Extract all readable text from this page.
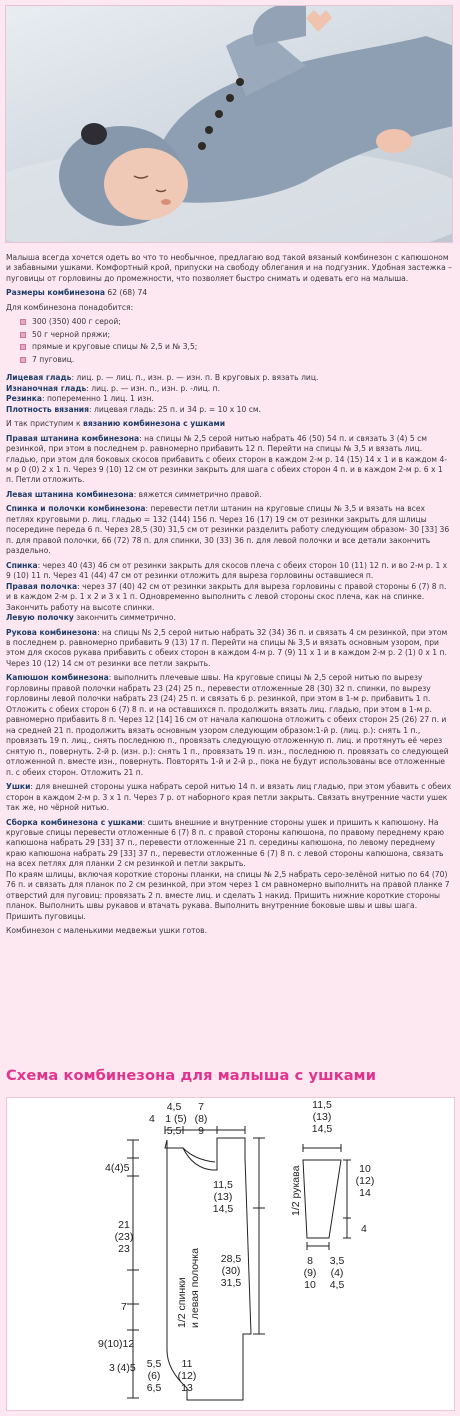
Малыша всегда хочется одеть во что то необычное, предлагаю вод такой вязаный комбинезон с капюшоном и забавными ушками. Комфортный крой, припуски на свободу облегания и на подгузник. Удобная застежка – пуговицы от горловины до промежности, что позволяет быстро снимать и одевать его на малыша.

Размеры комбинезона 62 (68) 74

Для комбинезона понадобится:

300 (350) 400 г серой;
50 г черной пряжи;
прямые и круговые спицы № 2,5 и № 3,5;
7 пуговиц.

Лицевая гладь: лиц. р. — лиц. п., изн. р. — изн. п. В круговых р. вязать лиц.

Изнаночная гладь: лиц. р. — изн. п., изн. р. -лиц. п.

Резинка: попеременно 1 лиц. 1 изн.

Плотность вязания: лицевая гладь: 25 п. и 34 р. = 10 х 10 см.

И так приступим к вязанию комбинезона с ушками

Правая штанина комбинезона: на спицы № 2,5 серой нитью набрать 46 (50) 54 п. и связать 3 (4) 5 см резинкой, при этом в последнем р. равномерно прибавить 12 п. Перейти на спицы № 3,5 и вязать лиц. гладью, при этом для боковых скосов прибавить с обеих сторон в каждом 2-м р. 14 (15) 14 х 1 и в каждом 4-м р 0 (0) 2 х 1 п. Через 9 (10) 12 см от резинки закрыть для шага с обеих сторон 4 п. и в каждом 2-м р. 6 х 1 п. Петли отложить.

Левая штанина комбинезона: вяжется симметрично правой.

Спинка и полочки комбинезона: перевести петли штанин на круговые спицы № 3,5 и вязать на всех петлях круговыми р. лиц. гладью = 132 (144) 156 п. Через 16 (17) 19 см от резинки закрыть для шлицы посередине переда 6 п. Через 28,5 (30) 31,5 см от резинки разделить работу следующим образом- 30 [33] 36 п. для правой полочки, 66 (72) 78 п. для спинки, 30 (33) 36 п. для левой полочки и все детали закончить раздельно.

Спинка: через 40 (43) 46 см от резинки закрыть для скосов плеча с обеих сторон 10 (11) 12 п. и во 2-м р. 1 х 9 (10) 11 п. Через 41 (44) 47 см от резинки отложить для выреза горловины оставшиеся п.

Правая полочка: через 37 (40) 42 см от резинки закрыть для выреза горловины с правой стороны 6 (7) 8 п. и в каждом 2-м р. 1 х 2 и 3 х 1 п. Одновременно выполнить с левой стороны скос плеча, как на спинке. Закончить работу на высоте спинки.

Левую полочку закончить симметрично.

Рукова комбинезона: на спицы Nѕ 2,5 серой нитью набрать 32 (34) 36 п. и связать 4 см резинкой, при этом в последнем р. равномерно прибавить 9 (13) 17 п. Перейти на спицы № 3,5 и вязать основным узором, при этом для скосов рукава прибавить с обеих сторон в каждом 4-м р. 7 (9) 11 х 1 и в каждом 2-м р. 2 (1) 0 х 1 п. Через 10 (12) 14 см от резинки все петли закрыть.

Капюшон комбинезона: выполнить плечевые швы. На круговые спицы № 2,5 серой нитью по вырезу горловины правой полочки набрать 23 (24) 25 п., перевести отложенные 28 (30) 32 п. спинки, по вырезу горловины левой полочки набрать 23 (24) 25 п. и связать 6 р. резинкой, при этом в 1-м р. прибавить 1 п.
Отложить с обеих сторон 6 (7) 8 п. и на оставшихся п. продолжить вязать лиц. гладью, при этом в 1-м р. равномерно прибавить 8 п. Через 12 [14] 16 см от начала капюшона отложить с обеих сторон 25 (26) 27 п. и на средней 21 п. продолжить вязать основным узором следующим образом:1-й р. (лиц. р.): снять 1 п., провязать 19 п. лиц., снять последнюю п., провязать следующую отложенную п. лиц. и протянуть её через снятую п., повернуть. 2-й р. (изн. р.): снять 1 п., провязать 19 п. изн., последнюю п. провязать со следующей отложенной п. вместе изн., повернуть. Повторять 1-й и 2-й р., пока не будут использованы все отложенные п. с обеих сторон. Отложить 21 п.

Ушки: для внешней стороны ушка набрать серой нитью 14 п. и вязать лиц гладью, при этом убавить с обеих сторон в каждом 2-м р. 3 х 1 п. Через 7 р. от наборного края петли закрыть. Связать внутренние части ушек так же, но чёрной нитью.

Сборка комбинезона с ушками: сшить внешние и внутренние стороны ушек и пришить к капюшону. На круговые спицы перевести отложенные 6 (7) 8 п. с правой стороны капюшона, по правому переднему краю капюшона набрать 29 [33] 37 п., перевести отложенные 21 п. середины капюшона, по левому переднему краю капюшона набрать 29 [33] 37 п., перевести отложенные 6 (7) 8 п. с левой стороны капюшона, связать на всех петлях для планки 2 см резинкой и петли закрыть.
По краям шлицы, включая короткие стороны планки, на спицы № 2,5 набрать серо-зелёной нитью по 64 (70) 76 п. и связать для планок по 2 см резинкой, при этом через 1 см равномерно выполнить на правой планке 7 отверстий для пуговиц: провязать 2 п. вместе лиц. и сделать 1 накид. Пришить нижние короткие стороны планок. Выполнить швы рукавов и втачать рукава. Выполнить внутренние боковые швы и швы шага. Пришить пуговицы.

Комбинезон с маленькими медвежьи ушки готов.

Схема комбинезона для малыша с ушками
4,5
1 (5)
5,5
7
(8)
9
4
4(4)5
21
(23)
23
7
9(10)12
3 (4)5
11,5
(13)
14,5
28,5
(30)
31,5
1/2 спинки и левая полочка
5,5
(6)
6,5
11
(12)
13
11,5
(13)
14,5
1/2 рукава	10
(12)
14
4
8
(9)
10
3,5
(4)
4,5
